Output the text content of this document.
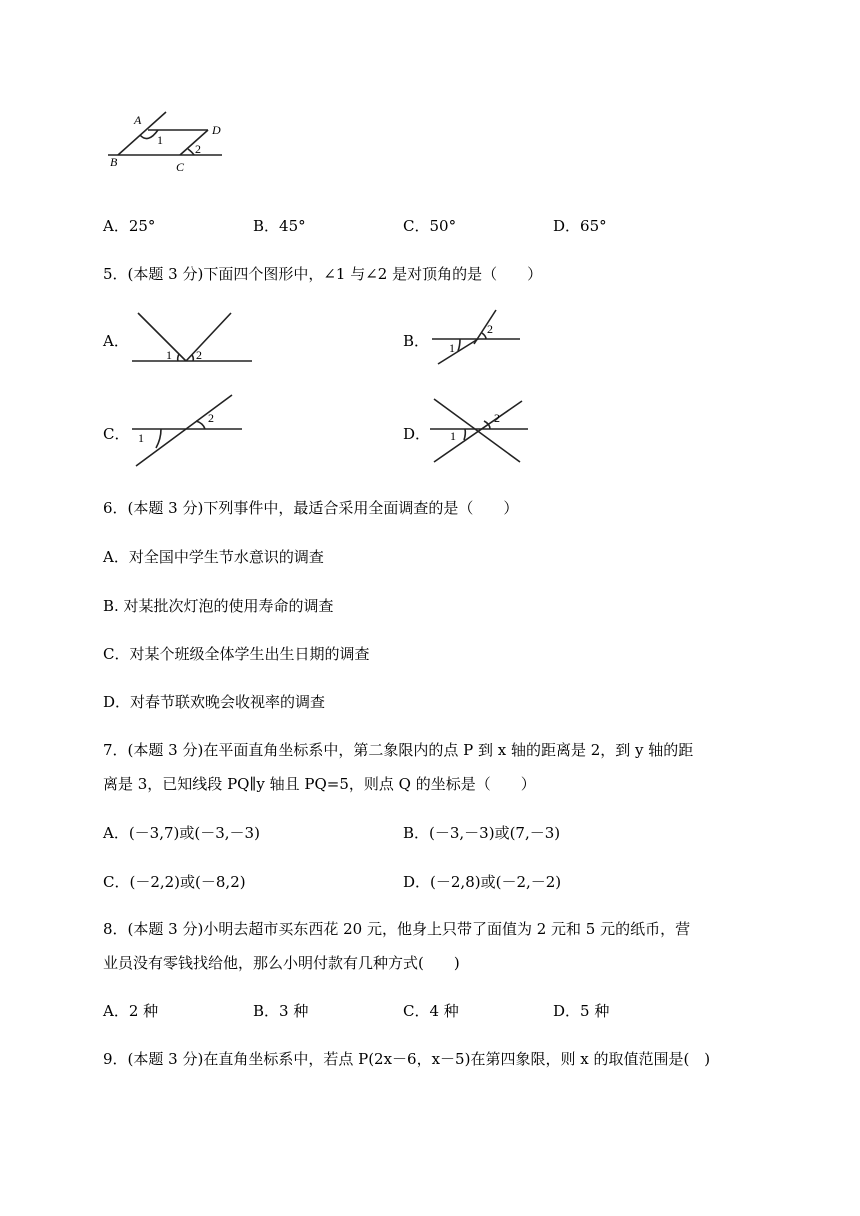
A
B	C
D
1
2
A．25°	B．45°	C．50°	D．65°
5．(本题 3 分)下面四个图形中，∠1 与∠2 是对顶角的是（　　）
A．
1 2
B． 1
2
C． 1
2
D． 1
2
6．(本题 3 分)下列事件中，最适合采用全面调查的是（　　）
A．对全国中学生节水意识的调查
B. 对某批次灯泡的使用寿命的调查
C．对某个班级全体学生出生日期的调查
D．对春节联欢晚会收视率的调查
7．(本题 3 分)在平面直角坐标系中，第二象限内的点 P 到 x 轴的距离是 2，到 y 轴的距
离是 3，已知线段 PQ∥y 轴且 PQ=5，则点 Q 的坐标是（　　）
A．(－3,7)或(－3,－3)	B．(－3,－3)或(7,－3)
C．(－2,2)或(－8,2)	D．(－2,8)或(－2,－2)
8．(本题 3 分)小明去超市买东西花 20 元，他身上只带了面值为 2 元和 5 元的纸币，营
业员没有零钱找给他，那么小明付款有几种方式(　　)
A．2 种	B．3 种	C．4 种	D．5 种
9．(本题 3 分)在直角坐标系中，若点 P(2x－6，x－5)在第四象限，则 x 的取值范围是(　)
